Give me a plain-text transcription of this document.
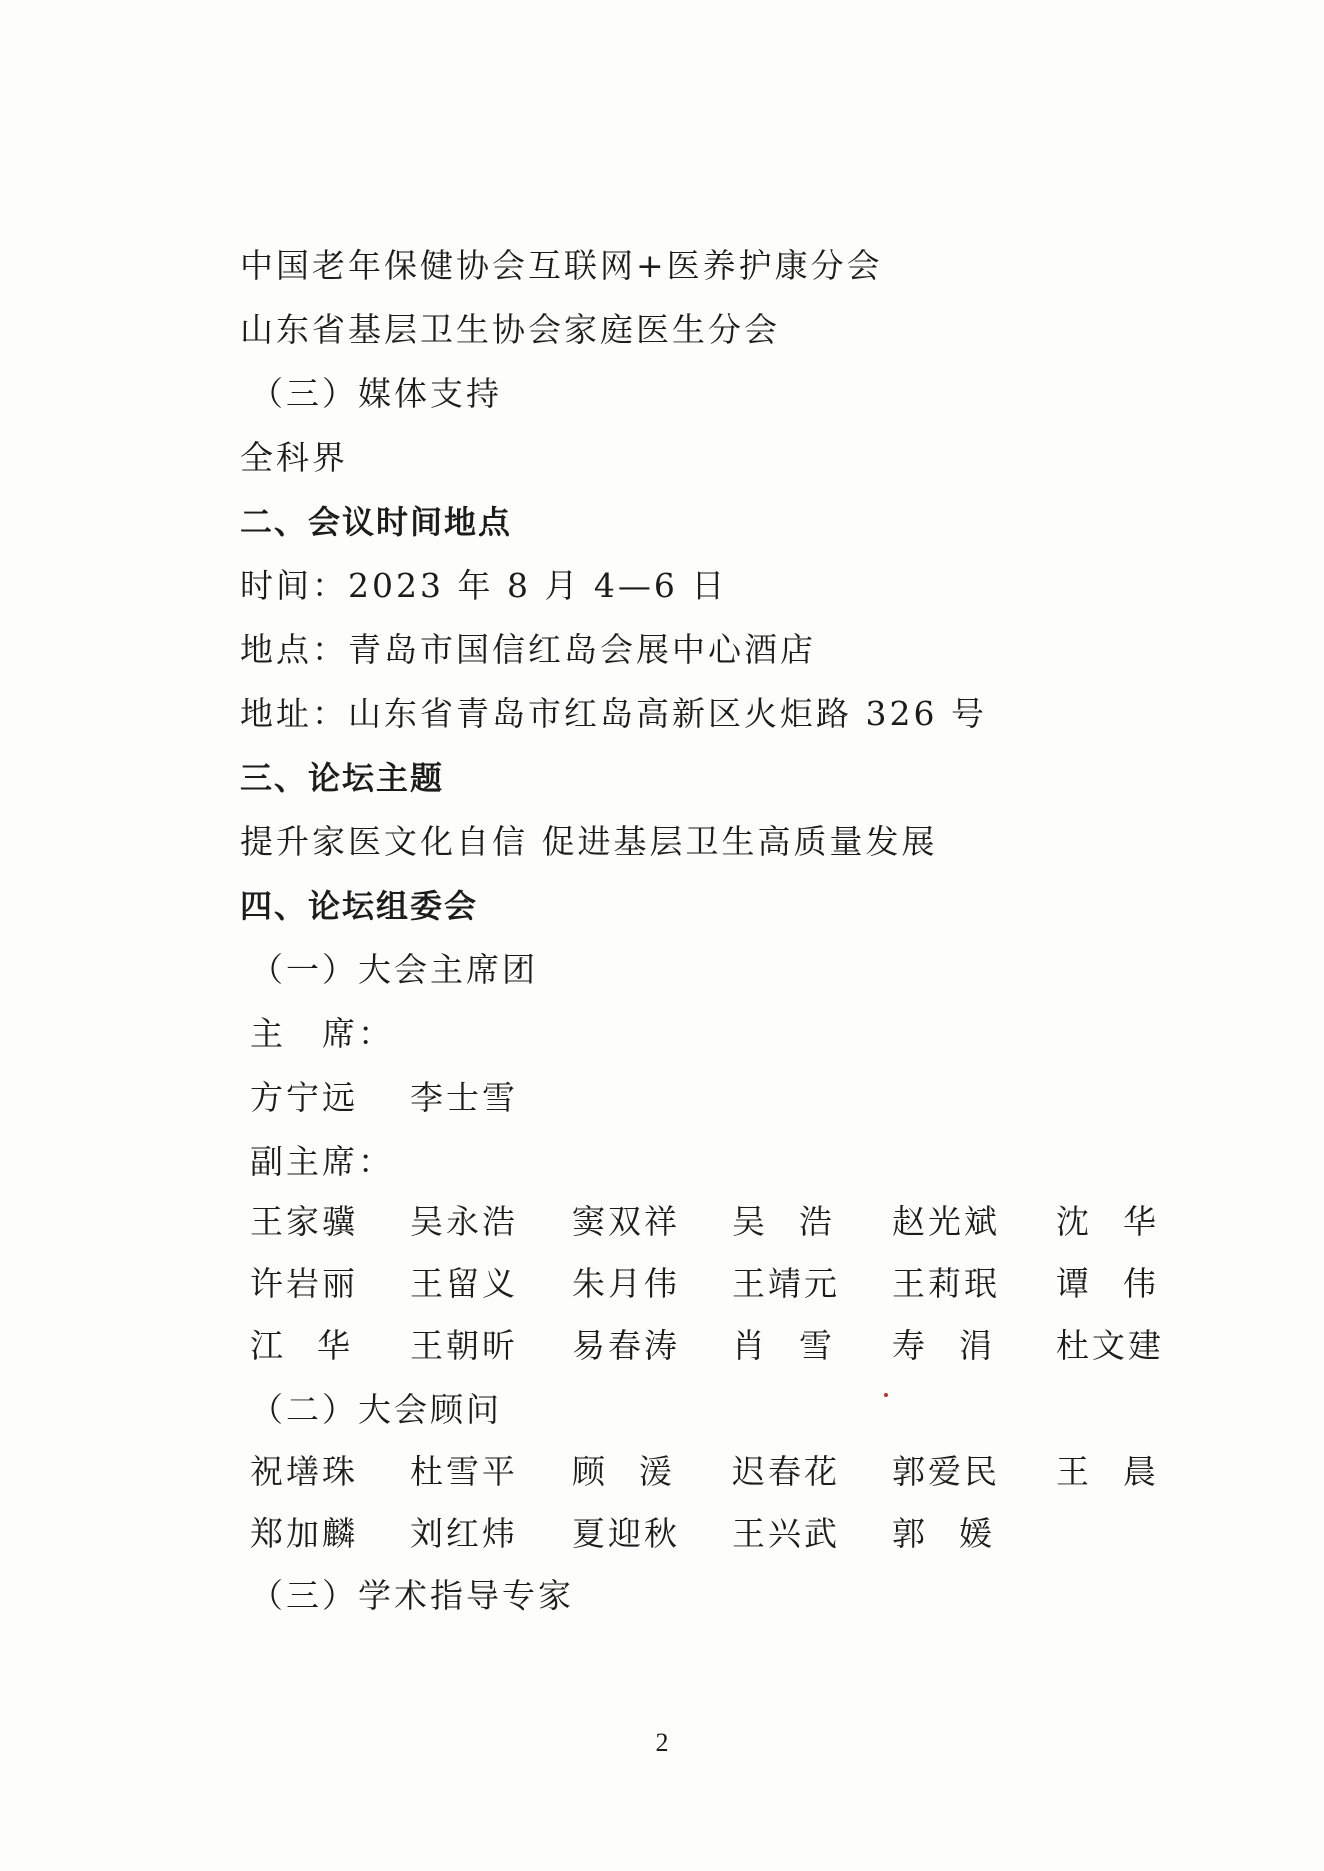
中国老年保健协会互联网+医养护康分会
山东省基层卫生协会家庭医生分会
（三）媒体支持
全科界
二、会议时间地点
时间：2023 年 8 月 4—6 日
地点：青岛市国信红岛会展中心酒店
地址：山东省青岛市红岛高新区火炬路 326 号
三、论坛主题
提升家医文化自信 促进基层卫生高质量发展
四、论坛组委会
（一）大会主席团
主　席：
方宁远 李士雪
副主席：
王家骥 吴永浩 窦双祥 吴浩 赵光斌 沈华
许岩丽 王留义 朱月伟 王靖元 王莉珉 谭伟
江华 王朝昕 易春涛 肖雪 寿涓 杜文建
（二）大会顾问
祝墡珠 杜雪平 顾湲 迟春花 郭爱民 王晨
郑加麟 刘红炜 夏迎秋 王兴武 郭媛
（三）学术指导专家
2
